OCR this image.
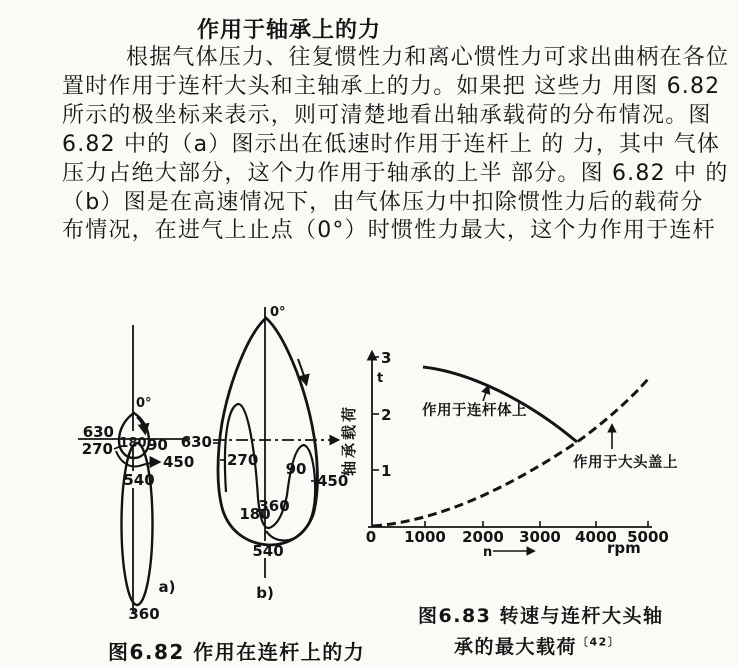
作用于轴承上的力
根据气体压力、往复惯性力和离心惯性力可求出曲柄在各位
置时作用于连杆大头和主轴承上的力。如果把 这些力 用图 6.82
所示的极坐标来表示，则可清楚地看出轴承载荷的分布情况。图
6.82 中的（a）图示出在低速时作用于连杆上 的 力，其中 气体
压力占绝大部分，这个力作用于轴承的上半 部分。图 6.82 中 的
（b）图是在高速情况下，由气体压力中扣除惯性力后的载荷分
布情况，在进气上止点（0°）时惯性力最大，这个力作用于连杆
0°
630
270 180 90
450
540
360
a)
0°
630
270 90
450
360
180
540
b)
图6.82 作用在连杆上的力
3
2
1
t
轴承载荷
0 1000 2000 3000 4000 5000
n	rpm
作用于连杆体上
作用于大头盖上
图6.83 转速与连杆大头轴
承的最大载荷$^{〔42〕}$
